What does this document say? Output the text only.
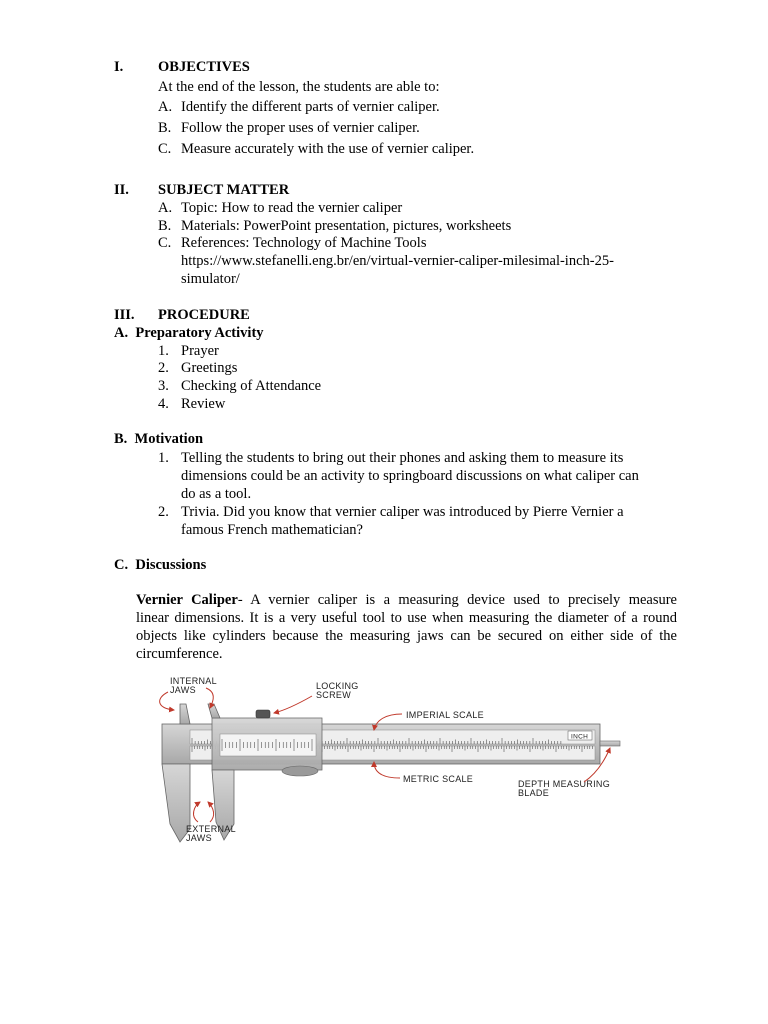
I. OBJECTIVES
At the end of the lesson, the students are able to:
A. Identify the different parts of vernier caliper.
B. Follow the proper uses of vernier caliper.
C. Measure accurately with the use of vernier caliper.
II. SUBJECT MATTER
A. Topic: How to read the vernier caliper
B. Materials: PowerPoint presentation, pictures, worksheets
C. References: Technology of Machine Tools
https://www.stefanelli.eng.br/en/virtual-vernier-caliper-milesimal-inch-25-
simulator/
III. PROCEDURE
A.  Preparatory Activity
1. Prayer
2. Greetings
3. Checking of Attendance
4. Review
B.  Motivation
1. Telling the students to bring out their phones and asking them to measure its
dimensions could be an activity to springboard discussions on what caliper can
do as a tool.
2. Trivia. Did you know that vernier caliper was introduced by Pierre Vernier a
famous French mathematician?
C.  Discussions
Vernier Caliper- A vernier caliper is a measuring device used to precisely measure
linear dimensions. It is a very useful tool to use when measuring the diameter of a round
objects like cylinders because the measuring jaws can be secured on either side of the
circumference.
INCH
INTERNAL
JAWS	LOCKING
SCREW
IMPERIAL SCALE
METRIC SCALE	DEPTH MEASURING
BLADE
EXTERNAL
JAWS
